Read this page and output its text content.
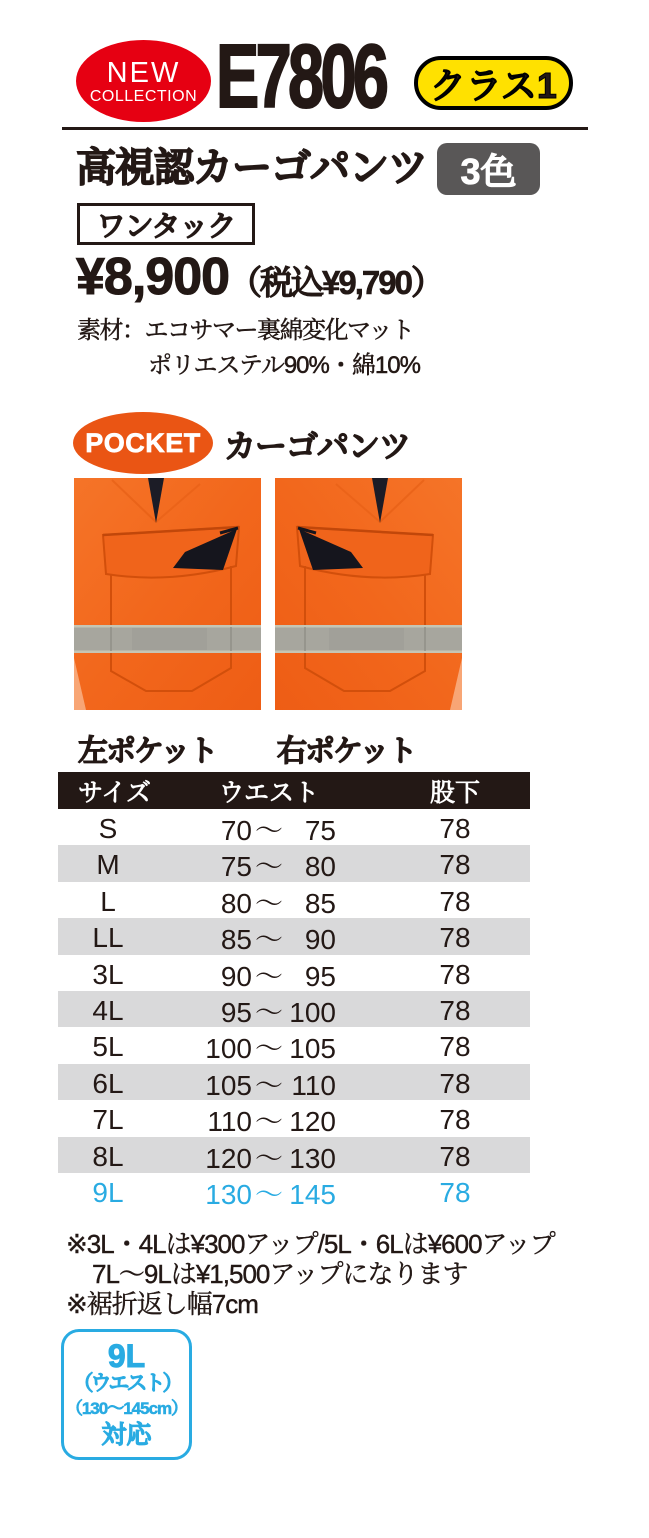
NEW
COLLECTION E7806	クラス1
高視認カーゴパンツ 3色
ワンタック
¥8,900 （税込¥9,790）
素材：エコサマー裏綿変化マット
ポリエステル90%・綿10%
POCKET カーゴパンツ
左ポケット 右ポケット
サイズ	ウエスト	股下
S	70 〜 75	78
M	75 〜 80	78
L	80 〜 85	78
LL	85 〜 90	78
3L	90 〜 95	78
4L	95 〜 100	78
5L	100 〜 105	78
6L	105 〜 110	78
7L	110 〜 120	78
8L	120 〜 130	78
9L	130 〜 145	78
※3L・4Lは¥300アップ/5L・6Lは¥600アップ
7L〜9Lは¥1,500アップになります
※裾折返し幅7cm
9L
（ウエスト）
（130〜145cm）
対応
